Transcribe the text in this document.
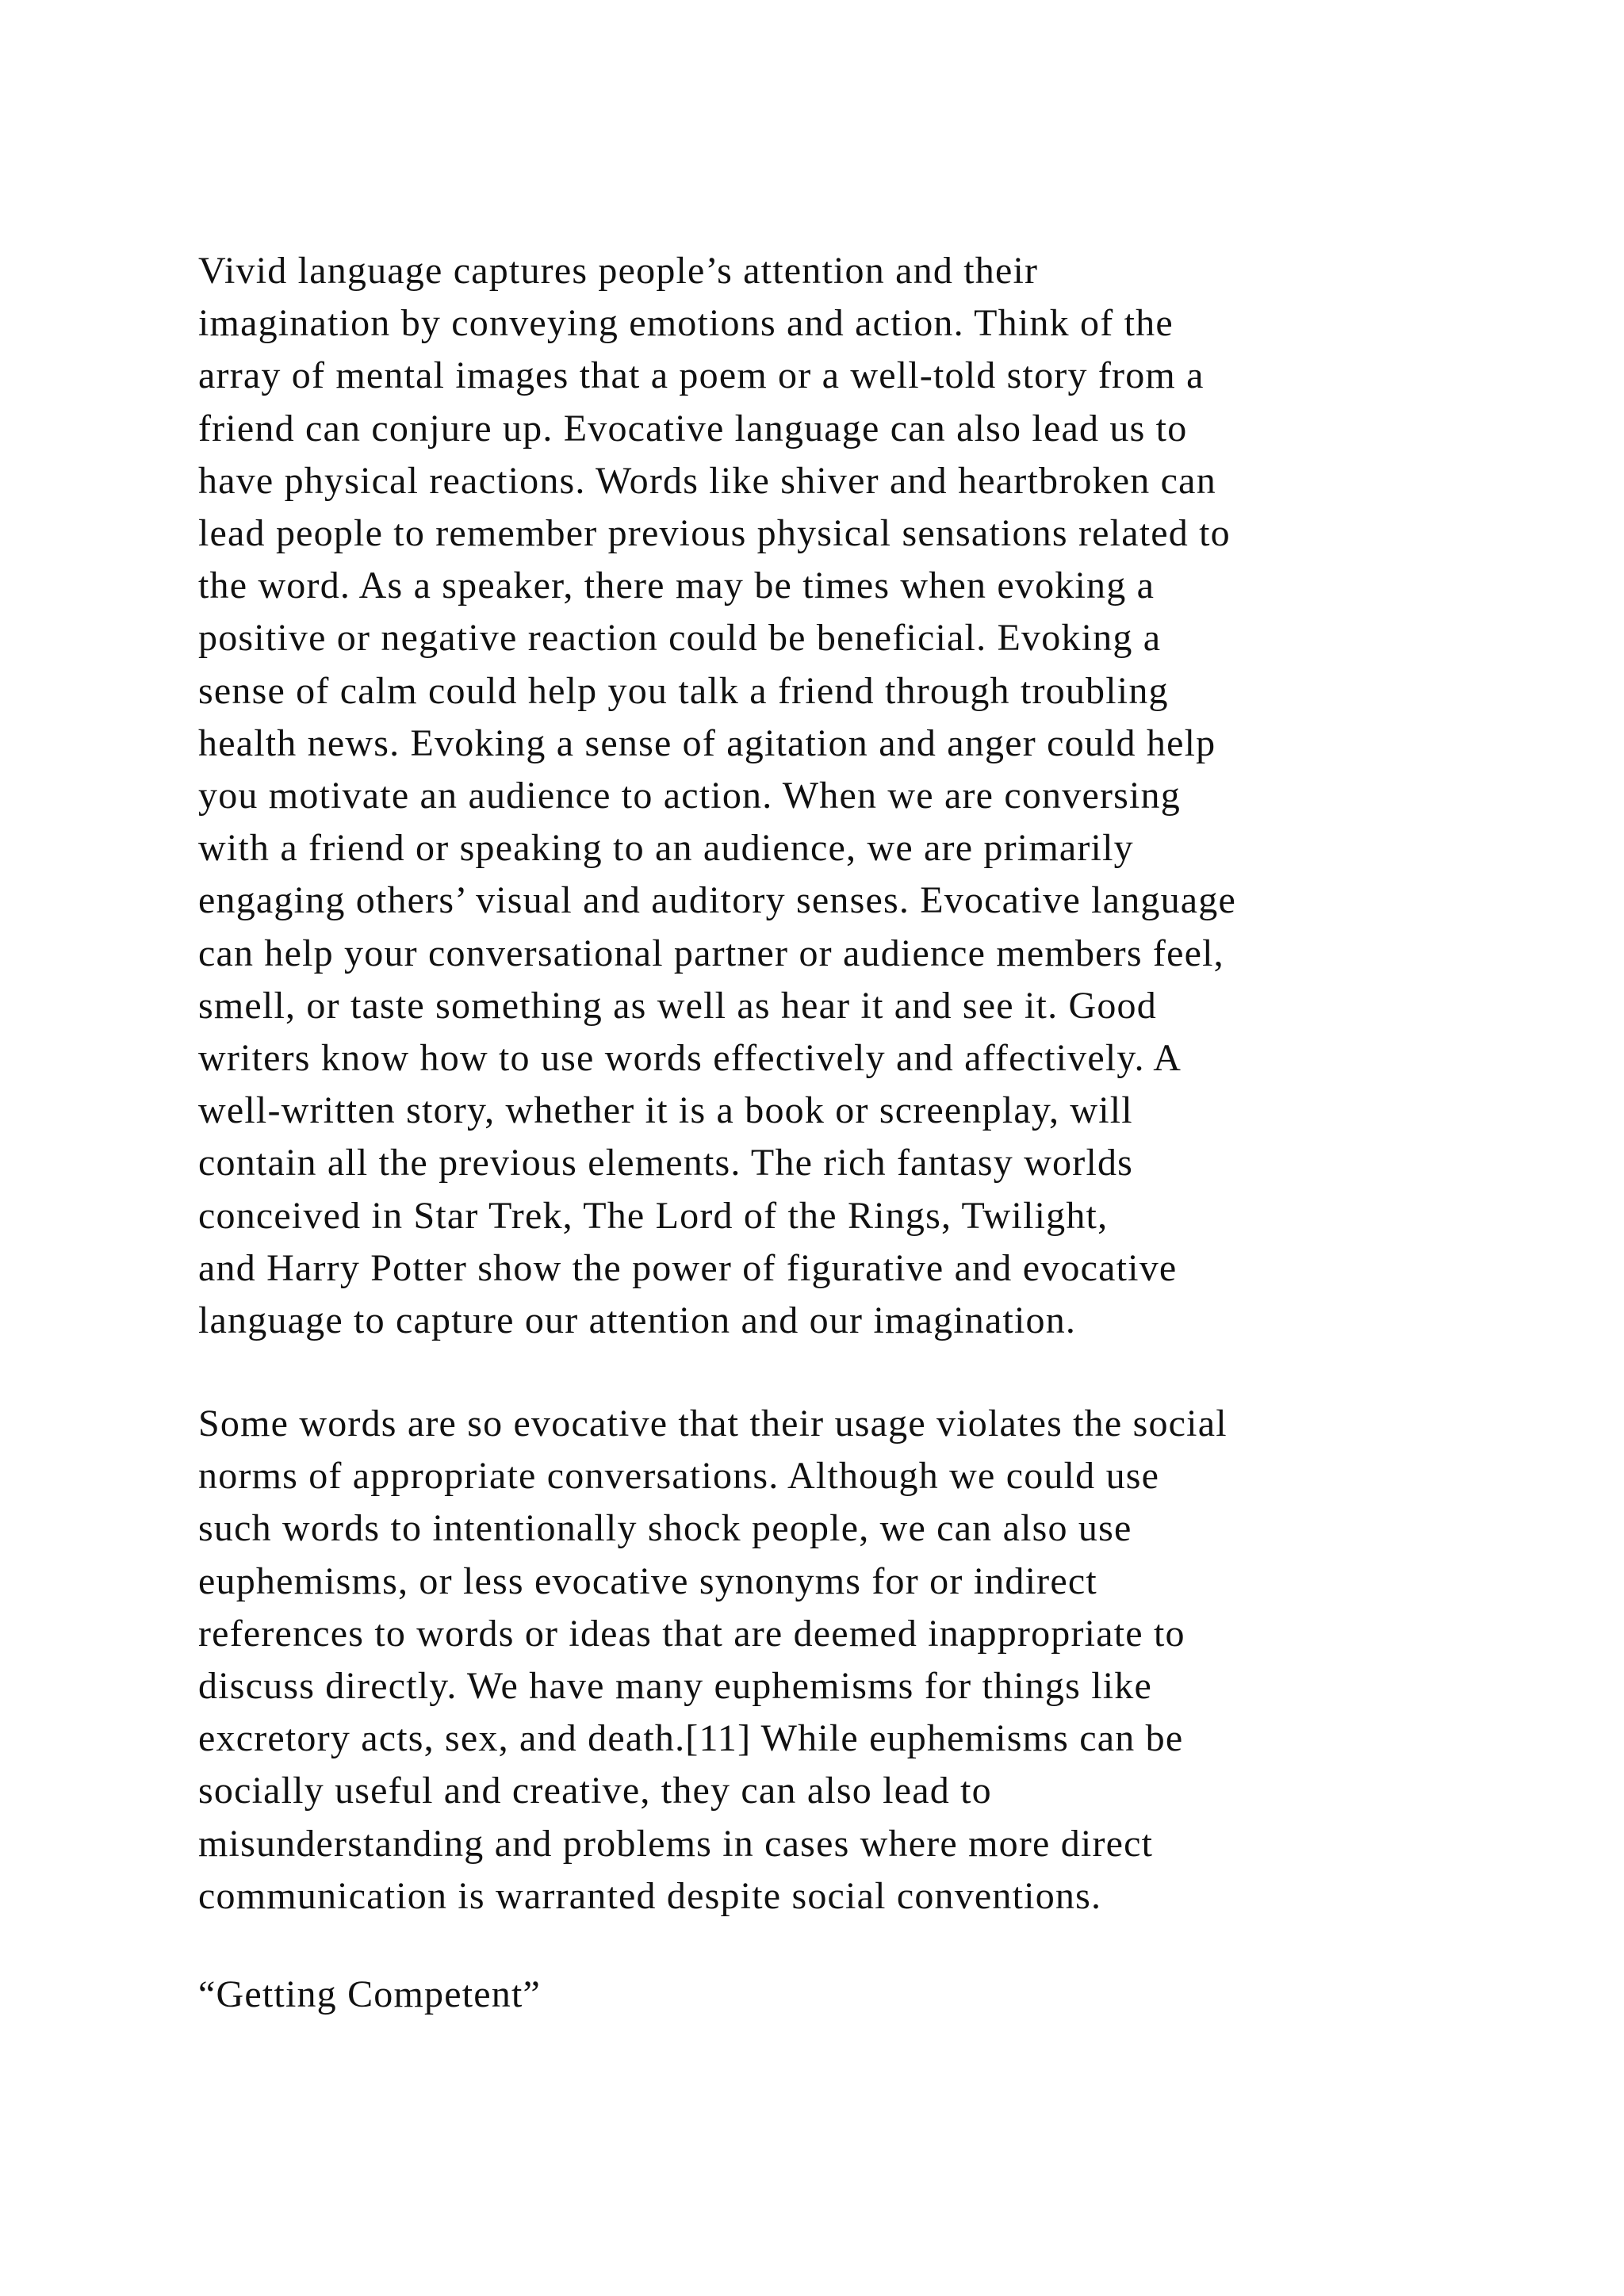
Vivid language captures people’s attention and their
imagination by conveying emotions and action. Think of the
array of mental images that a poem or a well-told story from a
friend can conjure up. Evocative language can also lead us to
have physical reactions. Words like shiver and heartbroken can
lead people to remember previous physical sensations related to
the word. As a speaker, there may be times when evoking a
positive or negative reaction could be beneficial. Evoking a
sense of calm could help you talk a friend through troubling
health news. Evoking a sense of agitation and anger could help
you motivate an audience to action. When we are conversing
with a friend or speaking to an audience, we are primarily
engaging others’ visual and auditory senses. Evocative language
can help your conversational partner or audience members feel,
smell, or taste something as well as hear it and see it. Good
writers know how to use words effectively and affectively. A
well-written story, whether it is a book or screenplay, will
contain all the previous elements. The rich fantasy worlds
conceived in Star Trek, The Lord of the Rings, Twilight,
and Harry Potter show the power of figurative and evocative
language to capture our attention and our imagination.

Some words are so evocative that their usage violates the social
norms of appropriate conversations. Although we could use
such words to intentionally shock people, we can also use
euphemisms, or less evocative synonyms for or indirect
references to words or ideas that are deemed inappropriate to
discuss directly. We have many euphemisms for things like
excretory acts, sex, and death.[11] While euphemisms can be
socially useful and creative, they can also lead to
misunderstanding and problems in cases where more direct
communication is warranted despite social conventions.

“Getting Competent”
